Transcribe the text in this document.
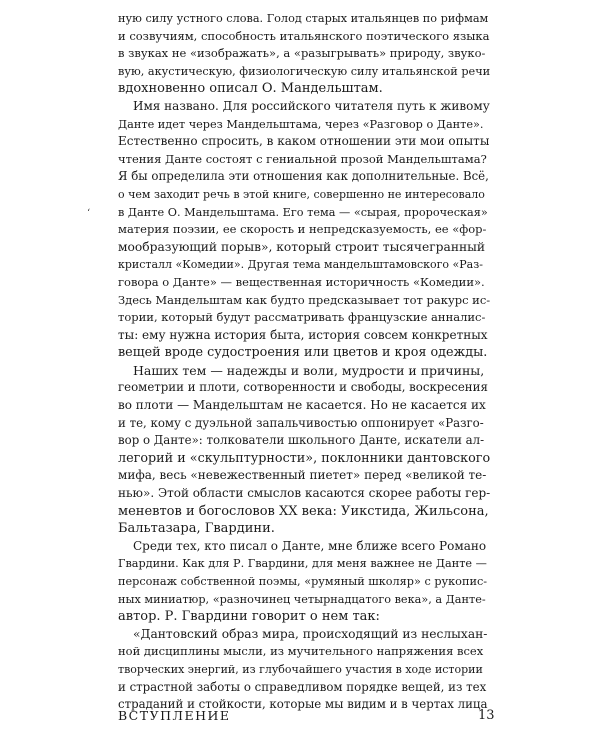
ную силу устного слова. Голод старых итальянцев по рифмам
и созвучиям, способность итальянского поэтического языка
в звуках не «изображать», а «разыгрывать» природу, звуко-
вую, акустическую, физиологическую силу итальянской речи
вдохновенно описал О. Мандельштам.
Имя названо. Для российского читателя путь к живому
Данте идет через Мандельштама, через «Разговор о Данте».
Естественно спросить, в каком отношении эти мои опыты
чтения Данте состоят с гениальной прозой Мандельштама?
Я бы определила эти отношения как дополнительные. Всё,
о чем заходит речь в этой книге, совершенно не интересовало
в Данте О. Мандельштама. Его тема — «сырая, пророческая»
материя поэзии, ее скорость и непредсказуемость, ее «фор-
мообразующий порыв», который строит тысячегранный
кристалл «Комедии». Другая тема мандельштамовского «Раз-
говора о Данте» — вещественная историчность «Комедии».
Здесь Мандельштам как будто предсказывает тот ракурс ис-
тории, который будут рассматривать французские анналис-
ты: ему нужна история быта, история совсем конкретных
вещей вроде судостроения или цветов и кроя одежды.
Наших тем — надежды и воли, мудрости и причины,
геометрии и плоти, сотворенности и свободы, воскресения
во плоти — Мандельштам не касается. Но не касается их
и те, кому с дуэльной запальчивостью оппонирует «Разго-
вор о Данте»: толкователи школьного Данте, искатели ал-
легорий и «скульптурности», поклонники дантовского
мифа, весь «невежественный пиетет» перед «великой те-
нью». Этой области смыслов касаются скорее работы гер-
меневтов и богословов XX века: Уикстида, Жильсона,
Бальтазара, Гвардини.
Среди тех, кто писал о Данте, мне ближе всего Романо
Гвардини. Как для Р. Гвардини, для меня важнее не Данте —
персонаж собственной поэмы, «румяный школяр» с рукопис-
ных миниатюр, «разночинец четырнадцатого века», а Данте-
автор. Р. Гвардини говорит о нем так:
«Дантовский образ мира, происходящий из неслыхан-
ной дисциплины мысли, из мучительного напряжения всех
творческих энергий, из глубочайшего участия в ходе истории
и страстной заботы о справедливом порядке вещей, из тех
страданий и стойкости, которые мы видим и в чертах лица
‘
ВСТУПЛЕНИЕ	13
